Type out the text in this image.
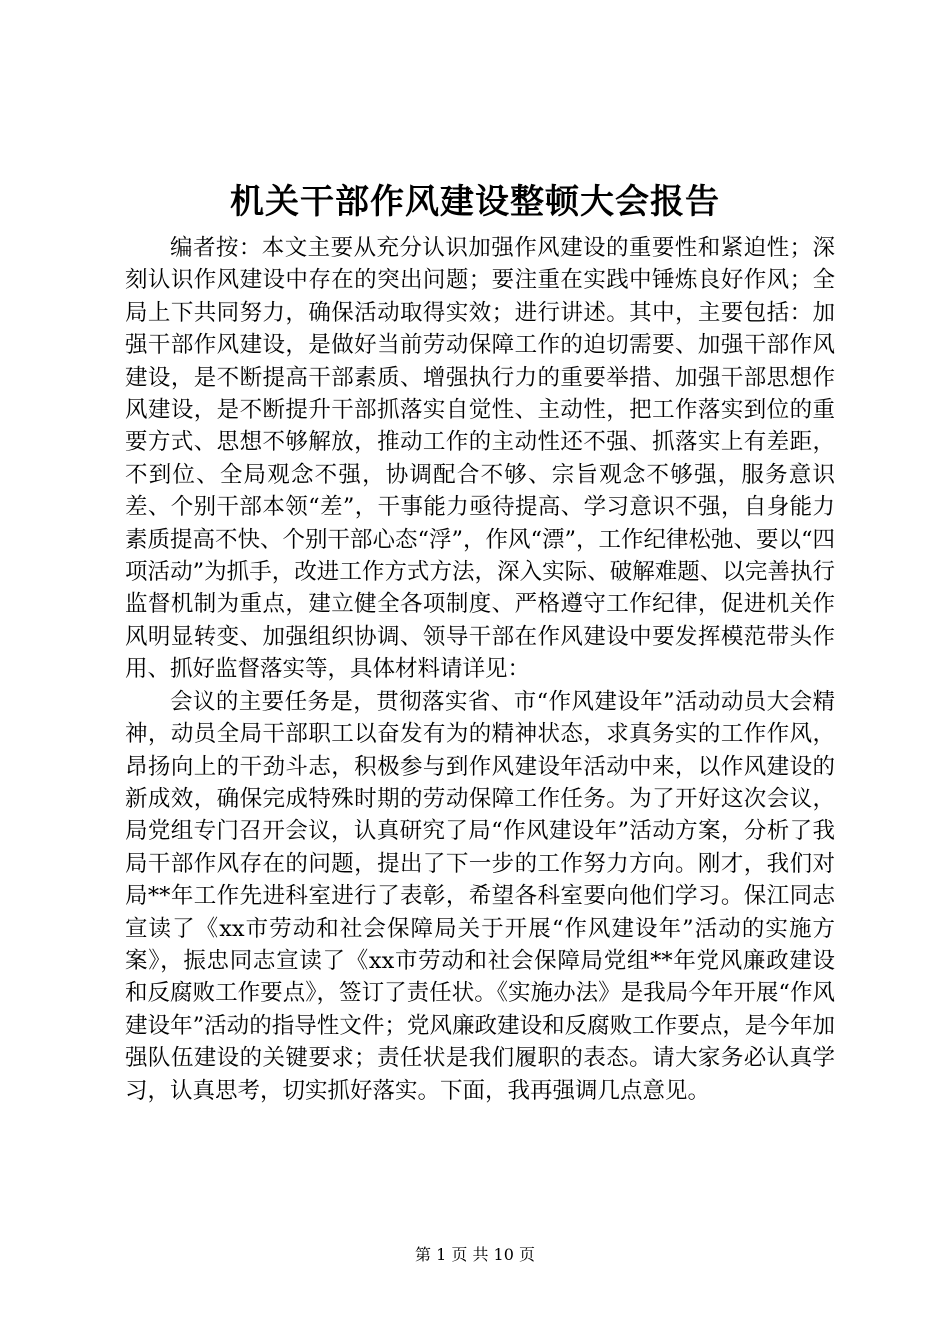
机关干部作风建设整顿大会报告

编者按：本文主要从充分认识加强作风建设的重要性和紧迫性；深刻认识作风建设中存在的突出问题；要注重在实践中锤炼良好作风；全局上下共同努力，确保活动取得实效；进行讲述。其中，主要包括：加强干部作风建设，是做好当前劳动保障工作的迫切需要、加强干部作风建设，是不断提高干部素质、增强执行力的重要举措、加强干部思想作风建设，是不断提升干部抓落实自觉性、主动性，把工作落实到位的重要方式、思想不够解放，推动工作的主动性还不强、抓落实上有差距，不到位、全局观念不强，协调配合不够、宗旨观念不够强，服务意识差、个别干部本领“差”，干事能力亟待提高、学习意识不强，自身能力素质提高不快、个别干部心态“浮”，作风“漂”，工作纪律松弛、要以“四项活动”为抓手，改进工作方式方法，深入实际、破解难题、以完善执行监督机制为重点，建立健全各项制度、严格遵守工作纪律，促进机关作风明显转变、加强组织协调、领导干部在作风建设中要发挥模范带头作用、抓好监督落实等，具体材料请详见：

会议的主要任务是，贯彻落实省、市“作风建设年”活动动员大会精神，动员全局干部职工以奋发有为的精神状态，求真务实的工作作风，昂扬向上的干劲斗志，积极参与到作风建设年活动中来，以作风建设的新成效，确保完成特殊时期的劳动保障工作任务。为了开好这次会议，局党组专门召开会议，认真研究了局“作风建设年”活动方案，分析了我局干部作风存在的问题，提出了下一步的工作努力方向。刚才，我们对局**年工作先进科室进行了表彰，希望各科室要向他们学习。保江同志宣读了《xx市劳动和社会保障局关于开展“作风建设年”活动的实施方案》，振忠同志宣读了《xx市劳动和社会保障局党组**年党风廉政建设和反腐败工作要点》，签订了责任状。《实施办法》是我局今年开展“作风建设年”活动的指导性文件；党风廉政建设和反腐败工作要点，是今年加强队伍建设的关键要求；责任状是我们履职的表态。请大家务必认真学习，认真思考，切实抓好落实。下面，我再强调几点意见。

第 1 页 共 10 页
